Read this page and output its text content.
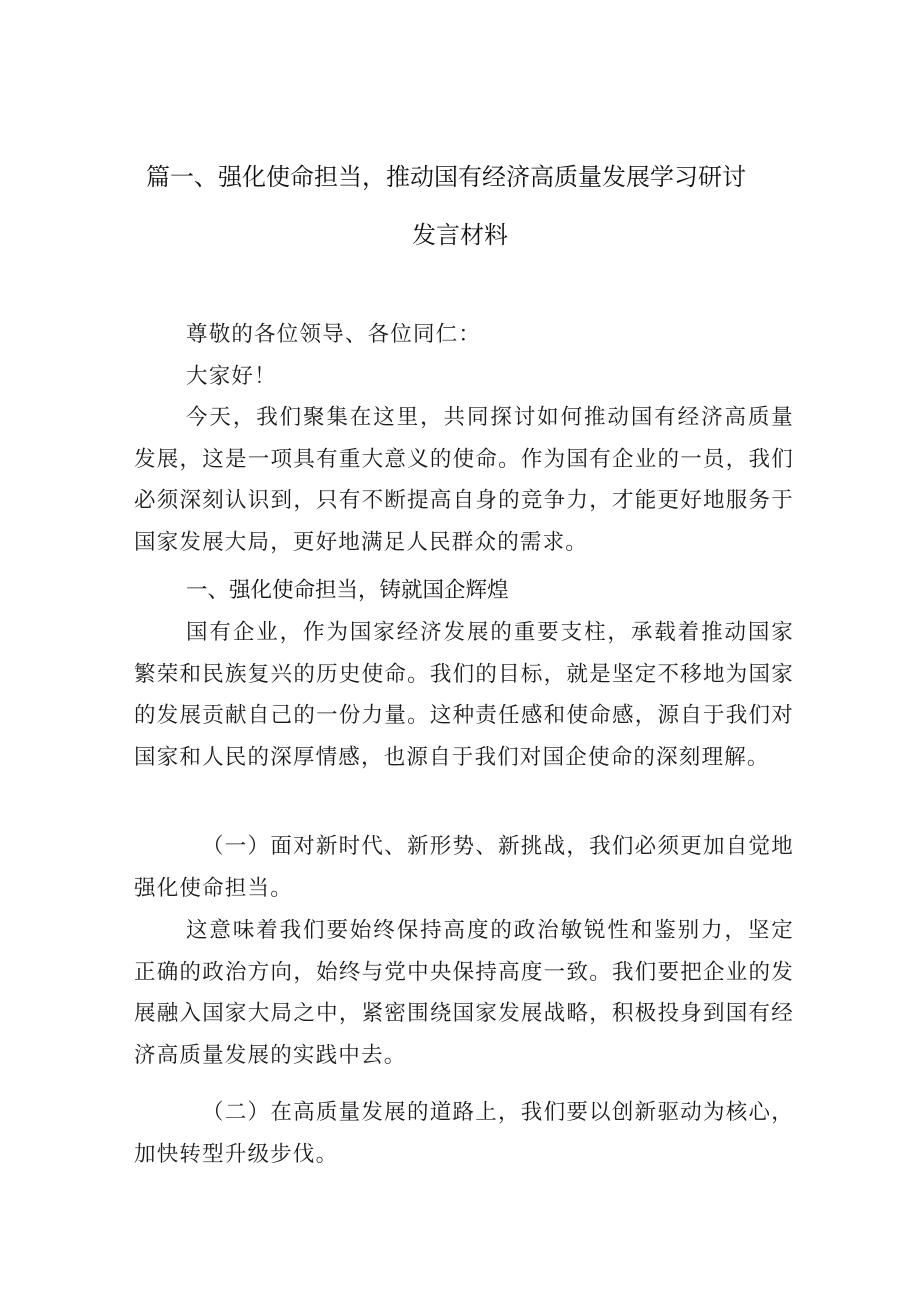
篇一、强化使命担当，推动国有经济高质量发展学习研讨
发言材料

尊敬的各位领导、各位同仁：

大家好！

今天，我们聚集在这里，共同探讨如何推动国有经济高质量发展，这是一项具有重大意义的使命。作为国有企业的一员，我们必须深刻认识到，只有不断提高自身的竞争力，才能更好地服务于国家发展大局，更好地满足人民群众的需求。

一、强化使命担当，铸就国企辉煌

国有企业，作为国家经济发展的重要支柱，承载着推动国家繁荣和民族复兴的历史使命。我们的目标，就是坚定不移地为国家的发展贡献自己的一份力量。这种责任感和使命感，源自于我们对国家和人民的深厚情感，也源自于我们对国企使命的深刻理解。

（一）面对新时代、新形势、新挑战，我们必须更加自觉地强化使命担当。

这意味着我们要始终保持高度的政治敏锐性和鉴别力，坚定正确的政治方向，始终与党中央保持高度一致。我们要把企业的发展融入国家大局之中，紧密围绕国家发展战略，积极投身到国有经济高质量发展的实践中去。

（二）在高质量发展的道路上，我们要以创新驱动为核心，加快转型升级步伐。
